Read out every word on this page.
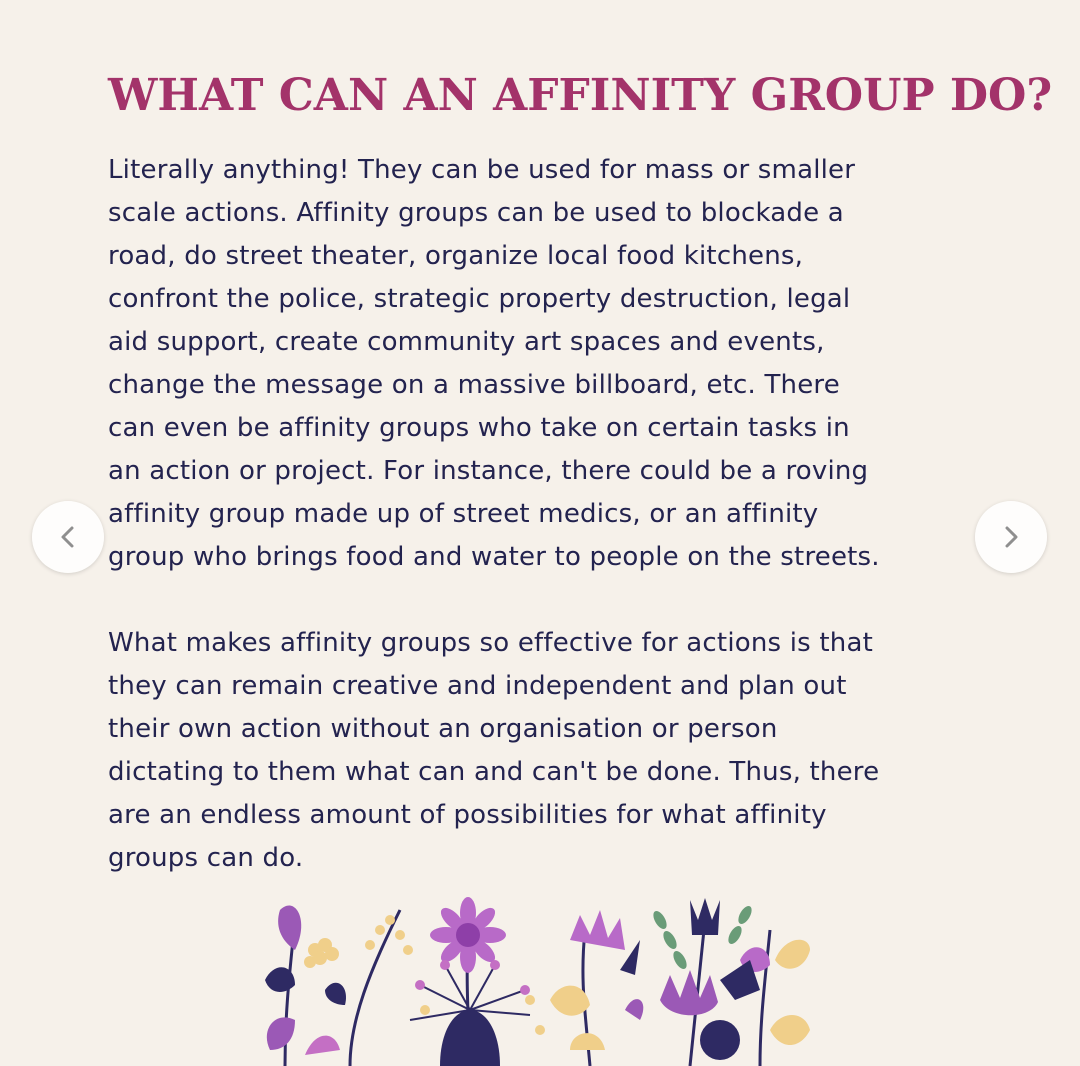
WHAT CAN AN AFFINITY GROUP DO?

Literally anything! They can be used for mass or smaller
scale actions. Affinity groups can be used to blockade a
road, do street theater, organize local food kitchens,
confront the police, strategic property destruction, legal
aid support, create community art spaces and events,
change the message on a massive billboard, etc. There
can even be affinity groups who take on certain tasks in
an action or project. For instance, there could be a roving
affinity group made up of street medics, or an affinity
group who brings food and water to people on the streets.

What makes affinity groups so effective for actions is that
they can remain creative and independent and plan out
their own action without an organisation or person
dictating to them what can and can't be done. Thus, there
are an endless amount of possibilities for what affinity
groups can do.
